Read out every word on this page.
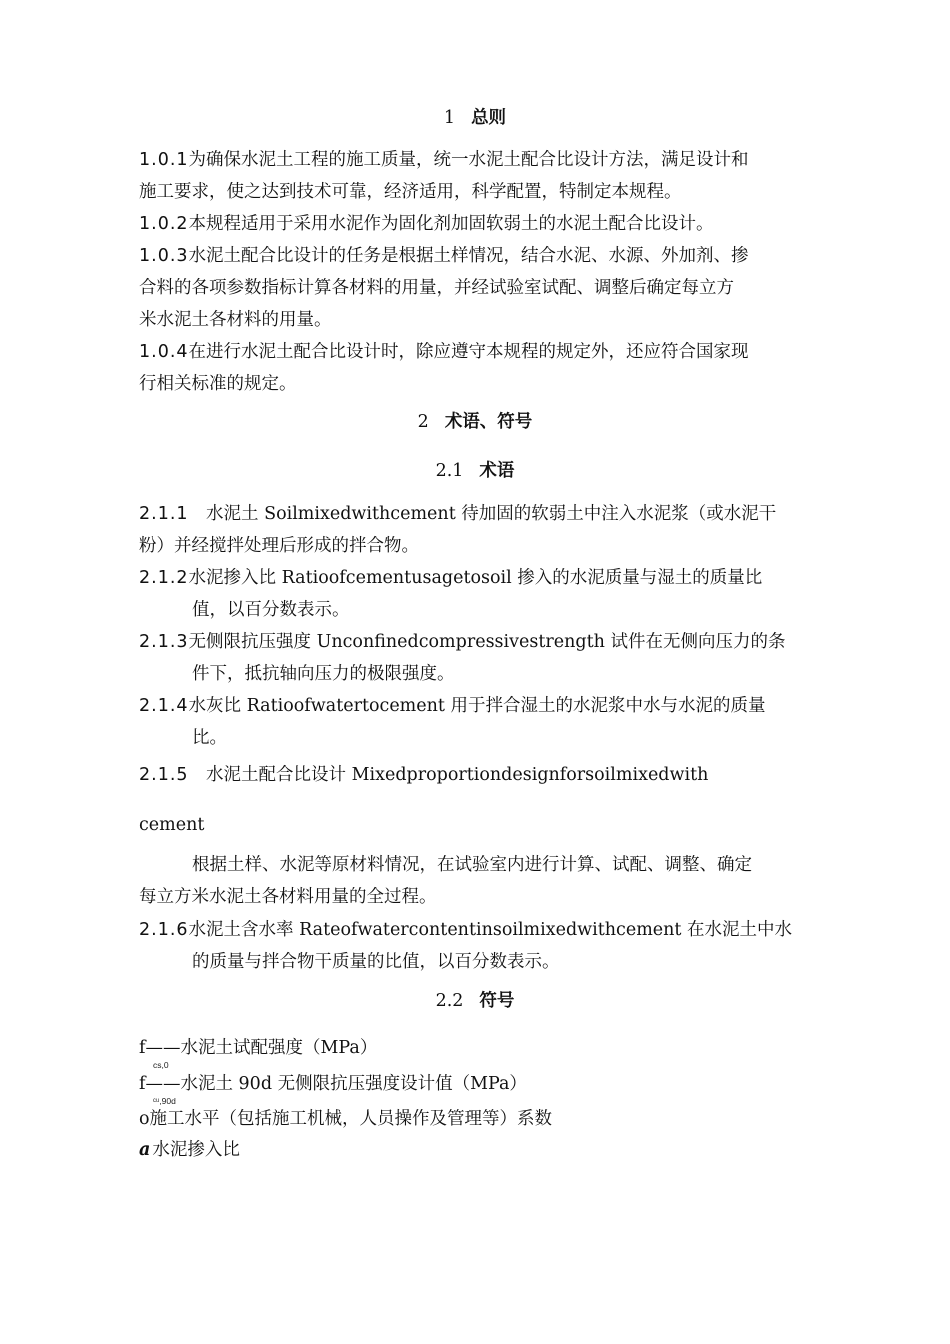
1 总则
1.0.1为确保水泥土工程的施工质量，统一水泥土配合比设计方法，满足设计和
施工要求，使之达到技术可靠，经济适用，科学配置，特制定本规程。
1.0.2本规程适用于采用水泥作为固化剂加固软弱土的水泥土配合比设计。
1.0.3水泥土配合比设计的任务是根据土样情况，结合水泥、水源、外加剂、掺
合料的各项参数指标计算各材料的用量，并经试验室试配、调整后确定每立方
米水泥土各材料的用量。
1.0.4在进行水泥土配合比设计时，除应遵守本规程的规定外，还应符合国家现
行相关标准的规定。
2 术语、符号
2.1 术语
2.1.1　水泥土 Soilmixedwithcement 待加固的软弱土中注入水泥浆（或水泥干
粉）并经搅拌处理后形成的拌合物。
2.1.2水泥掺入比 Ratioofcementusagetosoil 掺入的水泥质量与湿土的质量比
值，以百分数表示。
2.1.3无侧限抗压强度 Unconfinedcompressivestrength 试件在无侧向压力的条
件下，抵抗轴向压力的极限强度。
2.1.4水灰比 Ratioofwatertocement 用于拌合湿土的水泥浆中水与水泥的质量
比。
2.1.5　水泥土配合比设计 Mixedproportiondesignforsoilmixedwith
cement
根据土样、水泥等原材料情况，在试验室内进行计算、试配、调整、确定
每立方米水泥土各材料用量的全过程。
2.1.6水泥土含水率 Rateofwatercontentinsoilmixedwithcement 在水泥土中水
的质量与拌合物干质量的比值，以百分数表示。
2.2 符号
f——水泥土试配强度（MPa）
cs,0
f——水泥土 90d 无侧限抗压强度设计值（MPa）
ᶜᵘ,90d
o施工水平（包括施工机械，人员操作及管理等）系数
a 水泥掺入比
